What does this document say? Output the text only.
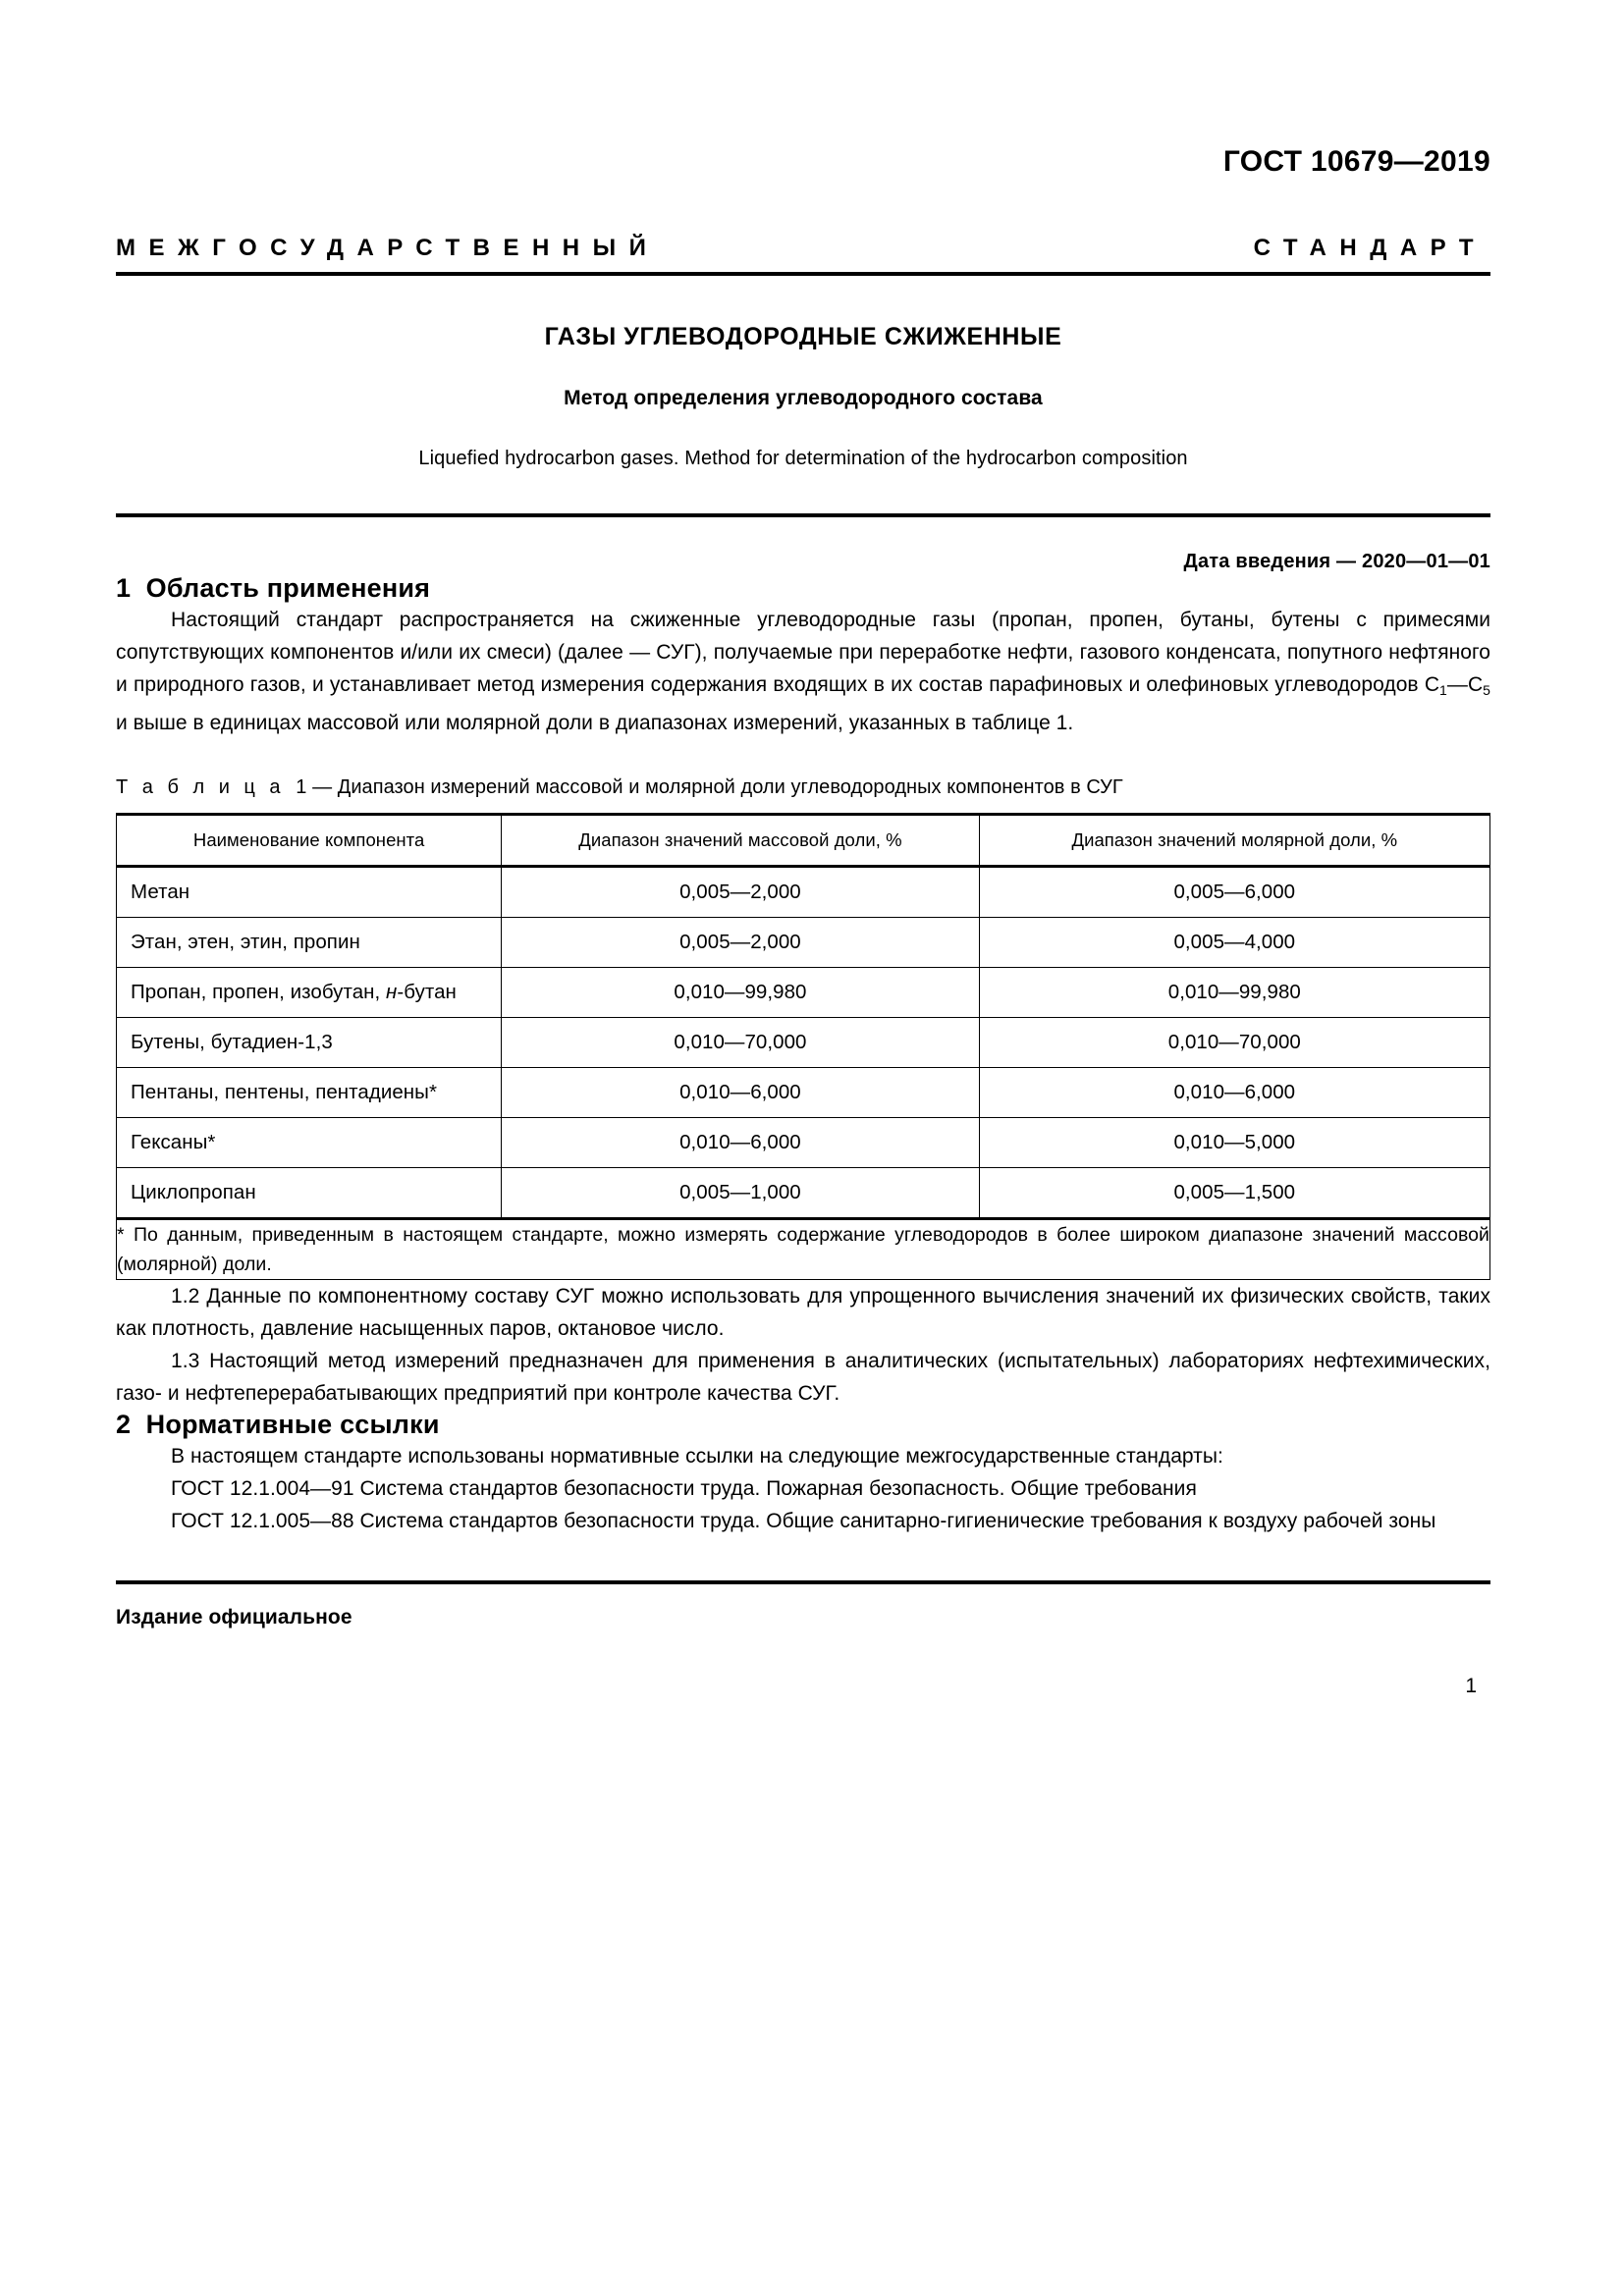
ГОСТ 10679—2019
МЕЖГОСУДАРСТВЕННЫЙ	СТАНДАРТ
ГАЗЫ УГЛЕВОДОРОДНЫЕ СЖИЖЕННЫЕ
Метод определения углеводородного состава
Liquefied hydrocarbon gases. Method for determination of the hydrocarbon composition
Дата введения — 2020—01—01
1 Область применения

Настоящий стандарт распространяется на сжиженные углеводородные газы (пропан, пропен, бутаны, бутены с примесями сопутствующих компонентов и/или их смеси) (далее — СУГ), получаемые при переработке нефти, газового конденсата, попутного нефтяного и природного газов, и устанавливает метод измерения содержания входящих в их состав парафиновых и олефиновых углеводородов $С_1—С_5$ и выше в единицах массовой или молярной доли в диапазонах измерений, указанных в таблице 1.

Т а б л и ц а 1 — Диапазон измерений массовой и молярной доли углеводородных компонентов в СУГ
Наименование компонента	Диапазон значений массовой доли, %	Диапазон значений молярной доли, %
Метан	0,005—2,000	0,005—6,000
Этан, этен, этин, пропин	0,005—2,000	0,005—4,000
Пропан, пропен, изобутан, н-бутан	0,010—99,980	0,010—99,980
Бутены, бутадиен-1,3	0,010—70,000	0,010—70,000
Пентаны, пентены, пентадиены*	0,010—6,000	0,010—6,000
Гексаны*	0,010—6,000	0,010—5,000
Циклопропан	0,005—1,000	0,005—1,500
* По данным, приведенным в настоящем стандарте, можно измерять содержание углеводородов в более широком диапазоне значений массовой (молярной) доли.		

1.2 Данные по компонентному составу СУГ можно использовать для упрощенного вычисления значений их физических свойств, таких как плотность, давление насыщенных паров, октановое число.

1.3 Настоящий метод измерений предназначен для применения в аналитических (испытательных) лабораториях нефтехимических, газо- и нефтеперерабатывающих предприятий при контроле качества СУГ.

2 Нормативные ссылки

В настоящем стандарте использованы нормативные ссылки на следующие межгосударственные стандарты:

ГОСТ 12.1.004—91 Система стандартов безопасности труда. Пожарная безопасность. Общие требования

ГОСТ 12.1.005—88 Система стандартов безопасности труда. Общие санитарно-гигиенические требования к воздуху рабочей зоны

Издание официальное
1
